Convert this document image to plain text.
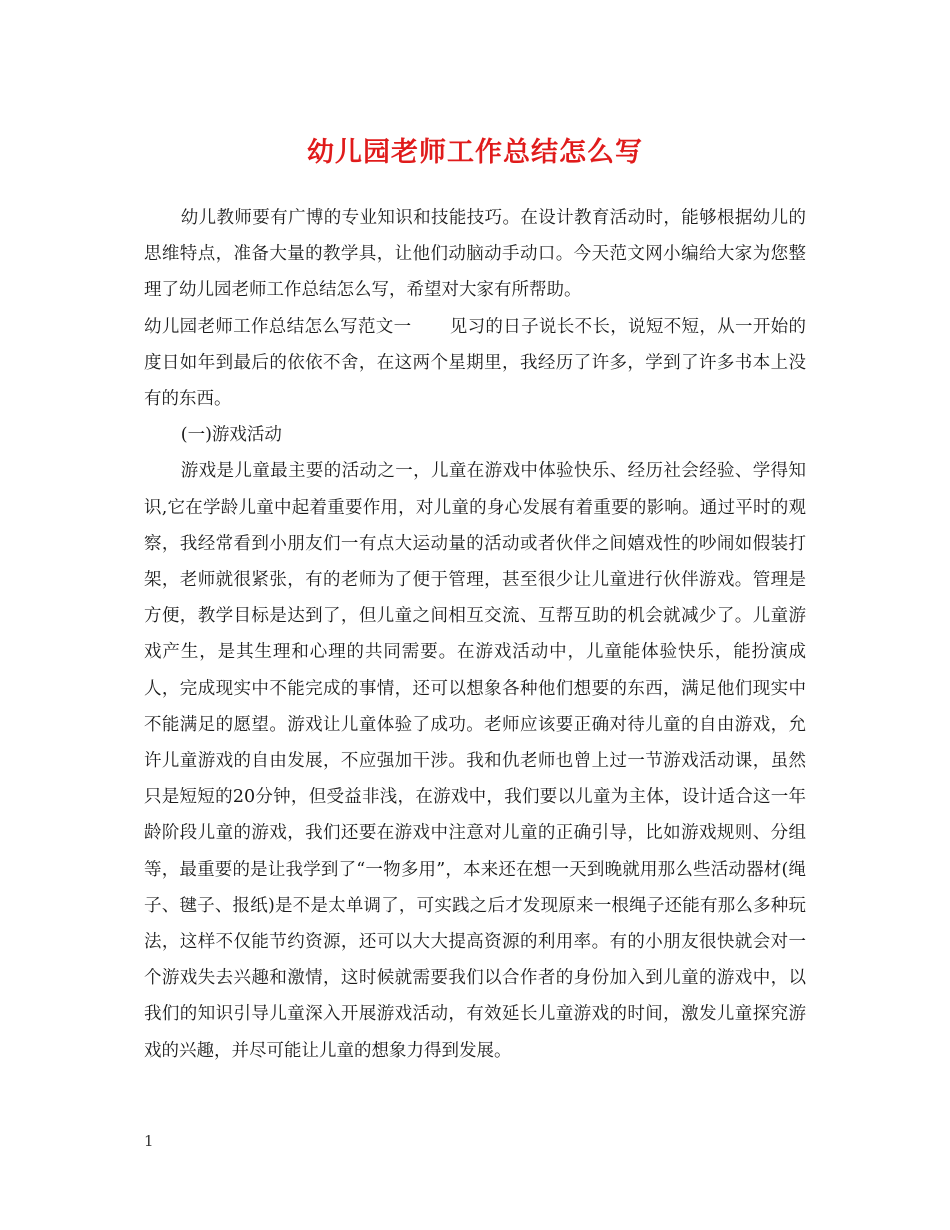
幼儿园老师工作总结怎么写

幼儿教师要有广博的专业知识和技能技巧。在设计教育活动时，能够根据幼儿的思维特点，准备大量的教学具，让他们动脑动手动口。今天范文网小编给大家为您整理了幼儿园老师工作总结怎么写，希望对大家有所帮助。

幼儿园老师工作总结怎么写范文一 见习的日子说长不长，说短不短，从一开始的度日如年到最后的依依不舍，在这两个星期里，我经历了许多，学到了许多书本上没有的东西。

(一)游戏活动

游戏是儿童最主要的活动之一，儿童在游戏中体验快乐、经历社会经验、学得知识,它在学龄儿童中起着重要作用，对儿童的身心发展有着重要的影响。通过平时的观察，我经常看到小朋友们一有点大运动量的活动或者伙伴之间嬉戏性的吵闹如假装打架，老师就很紧张，有的老师为了便于管理，甚至很少让儿童进行伙伴游戏。管理是方便，教学目标是达到了，但儿童之间相互交流、互帮互助的机会就减少了。儿童游戏产生，是其生理和心理的共同需要。在游戏活动中，儿童能体验快乐，能扮演成人，完成现实中不能完成的事情，还可以想象各种他们想要的东西，满足他们现实中不能满足的愿望。游戏让儿童体验了成功。老师应该要正确对待儿童的自由游戏，允许儿童游戏的自由发展，不应强加干涉。我和仇老师也曾上过一节游戏活动课，虽然只是短短的20分钟，但受益非浅，在游戏中，我们要以儿童为主体，设计适合这一年龄阶段儿童的游戏，我们还要在游戏中注意对儿童的正确引导，比如游戏规则、分组等，最重要的是让我学到了“一物多用”，本来还在想一天到晚就用那么些活动器材(绳子、毽子、报纸)是不是太单调了，可实践之后才发现原来一根绳子还能有那么多种玩法，这样不仅能节约资源，还可以大大提高资源的利用率。有的小朋友很快就会对一个游戏失去兴趣和激情，这时候就需要我们以合作者的身份加入到儿童的游戏中，以我们的知识引导儿童深入开展游戏活动，有效延长儿童游戏的时间，激发儿童探究游戏的兴趣，并尽可能让儿童的想象力得到发展。

1
